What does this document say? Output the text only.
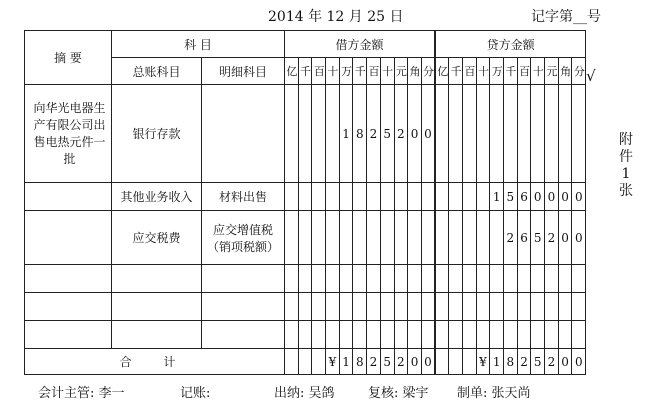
2014 年 12 月 25 日	记字第__号
附
件
1
张
摘 要	科 目		借方金额											贷方金额											√
	总账科目	明细科目	亿	千	百	十	万	千	百	十	元	角	分	亿	千	百	十	万	千	百	十	元	角	分	
向华光电器生产有限公司出售电热元件一批	银行存款						1	8	2	5	2	0	0												
	其他业务收入	材料出售																1	5	6	0	0	0	0	
	应交税费	应交增值税（销项税额）																	2	6	5	2	0	0	

合 计						¥	1	8	2	5	2	0	0				¥	1	8	2	5	2	0	0	
会计主管: 李一	记账:	出纳: 吴鸽	复核: 梁宇 制单: 张天尚
